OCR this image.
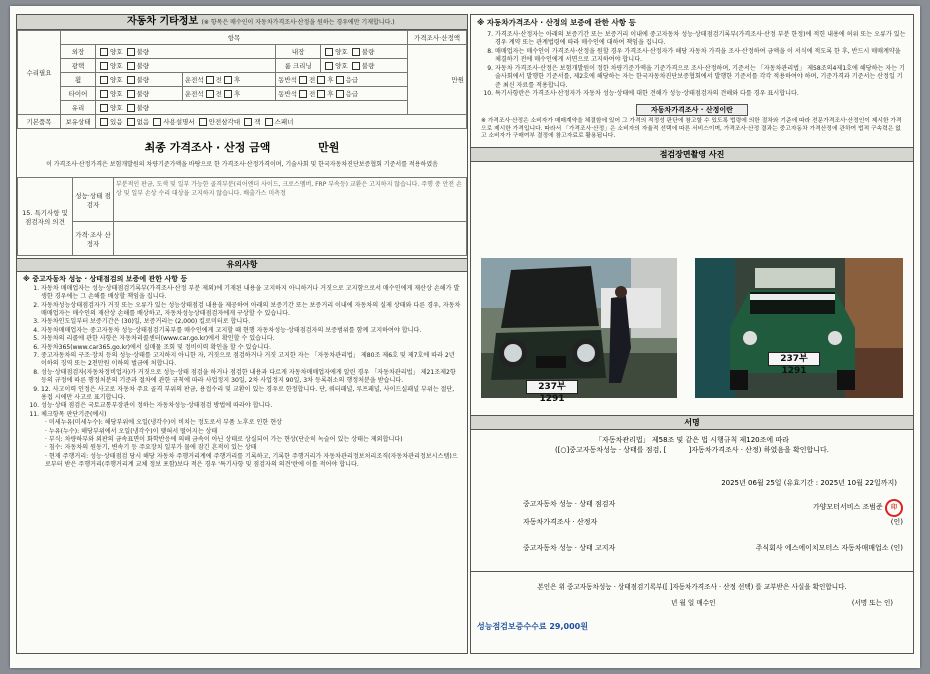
자동차 기타정보 (※ 항목은 매수인이 자동차가격조사·산정을 원하는 경우에만 기재합니다.)
수리필요	항목					가격조사·산정액
	외장	양호 불량		내장	양호 불량	만원
	광택	양호 불량		룸 크리닝	양호 불량	
	휠	양호 불량	운전석 전 후	동반석 전 후 응급		
	타이어	양호 불량	운전석 전 후	동반석 전 후 응급		
	유리	양호 불량				
기본품목	보유상태	있음 없음 사용설명서 안전삼각대 잭 스패너				
최종 가격조사 · 산정 금액	만원
이 가격조사·산정가격은 보험개발원의 차량기준가액을 바탕으로 한 가격조사·산정가격이며, 기술사회 및 한국자동차진단보증협회 기준서를 적용하였음
15. 특기사항 및 점검자의 의견	성능·상태 점검자	부분적인 판금, 도색 및 일부 가능한 골격부분(리어엔더 사이드, 크로스멤버, FRP 부속등) 교환은 고지하지 않습니다. 주행 중 안전 손상 및 일부 손상 수리 대상을 고지하지 않습니다. 배출가스 미측정
	가격·조사 산정자	
유의사항
※ 중고자동차 성능 · 상태점검의 보증에 관한 사항 등
1. 자동차 매매업자는 성능·상태점검기록부(가격조사·산정 부분 제외)에 기재된 내용을 고지하지 아니하거나 거짓으로 고지함으로서 매수인에게 재산상 손해가 발생한 경우에는 그 손해를 배상할 책임을 집니다.
2. 자동차성능상태점검자가 거짓 또는 오류가 있는 성능상태점검 내용을 제공하여 아래의 보증기간 또는 보증거리 이내에 자동차의 실제 상태와 다른 경우, 자동차매매업자는 매수인의 재산상 손해를 배상하고, 자동차성능상태점검자에게 구상할 수 있습니다.
3. 자동차인도일부터 보증기간은 (30)일, 보증거리는 (2,000) 킬로미터로 합니다.
4. 자동차매매업자는 중고자동차 성능·상태점검기록부를 매수인에게 고지할 때 현행 자동차성능·상태점검자의 보증범위를 함께 고지하여야 합니다.
5. 자동차의 리콜에 관한 사항은 자동차리콜센터(www.car.go.kr)에서 확인할 수 있습니다.
6. 자동차365(www.car365.go.kr)에서 실매물 조회 및 정비이력 확인을 할 수 있습니다.
7. 중고자동차의 구조·장치 등의 성능·상태를 고지하지 아니한 자, 거짓으로 점검하거나 거짓 고지한 자는 「자동차관리법」 제80조 제6호 및 제7호에 따라 2년 이하의 징역 또는 2천만원 이하의 벌금에 처합니다.
8. 성능·상태점검자(자동차정비업자)가 거짓으로 성능·상태 점검을 하거나 점검한 내용과 다르게 자동차매매업자에게 알린 경우 「자동차관리법」 제21조제2항 등의 규정에 따른 행정처분의 기준과 절차에 관한 규칙에 따라 사업정지 30일, 2차 사업정지 90일, 3차 등록취소의 행정처분을 받습니다.
9. 12. 사고이력 인정은 사고로 자동차 주요 골격 부위의 판금, 용접수리 및 교환이 있는 경우로 한정합니다. 단, 쿼터패널, 루프패널, 사이드실패널 부위는 절단, 용접 시에만 사고로 표기합니다.
10. 성능·상태 점검은 국토교통부장관이 정하는 자동차성능·상태점검 방법에 따라야 합니다.
11. 체크항목 판단기준(예시)
· 미세누유(미세누수): 해당부위에 오일(냉각수)이 비치는 정도로서 부품 노후로 인한 현상
· 누유(누수): 해당부위에서 오일(냉각수)이 맺혀서 떨어지는 상태
· 부식: 차량하부와 외판의 금속표면이 화학반응에 의해 금속이 아닌 상태로 상실되어 가는 현상(단순히 녹슬어 있는 상태는 제외합니다)
· 침수: 자동차의 원동기, 변속기 등 주요장치 일부가 물에 잠긴 흔적이 있는 상태
· 현재 주행거리: 성능·상태점검 당시 해당 자동차 주행거리계에 주행거리를 기록하고, 기록한 주행거리가 자동차관리정보처리조직(자동차관리정보시스템)으로부터 받은 주행거리(주행거리계 교체 정보 포함)보다 적은 경우 '특기사항 및 점검자의 의견'란에 이를 적어야 합니다.
※ 자동차가격조사 · 산정의 보증에 관한 사항 등
7. 가격조사·산정자는 아래의 보증기간 또는 보증거리 이내에 중고자동차 성능·상태점검기록부(가격조사·산정 부분 한정)에 적힌 내용에 허위 또는 오류가 있는 경우 계약 또는 관계법령에 따라 매수인에 대하여 책임을 집니다.
8. 매매업자는 매수인이 가격조사·산정을 원할 경우 가격조사·산정자가 해당 자동차 가격을 조사·산정하여 금액을 이 서식에 적도록 한 후, 반드시 매매계약을 체결하기 전에 매수인에게 서면으로 고지하여야 합니다.
9. 자동차 가격조사·산정은 보험개발원이 정한 차량기준가액을 기준가격으로 조사·산정하며, 기준서는 「자동차관리법」 제58조의4제1호에 해당하는 자는 기술사회에서 발행한 기준서를, 제2호에 해당하는 자는 한국자동차진단보증협회에서 발행한 기준서를 각각 적용하여야 하며, 기준가격과 기준서는 산정일 기준 최신 자료를 적용합니다.
10. 특기사항란은 가격조사·산정자가 자동차 성능·상태에 대한 견해가 성능·상태점검자의 견해와 다를 경우 표시합니다.
자동차가격조사 · 산정이란
※ 가격조사·산정은 소비자가 매매계약을 체결함에 있어 그 가격의 적정성 판단에 참고할 수 있도록 법령에 의한 절차와 기준에 따라 전문가격조사·산정인이 제시한 가격으로 제시한 가격입니다. 따라서 「가격조사·산정」은 소비자의 자율적 선택에 따른 서비스이며, 가격조사·산정 결과는 중고자동차 가격산정에 관하여 법적 구속력은 없고 소비자가 구매여부 결정에 참고자료로 활용됩니다.
점검장면촬영 사진
237부 1291
237부 1291
서명
「자동차관리법」 제58조 및 같은 법 시행규칙 제120조에 따라
([○]중고자동차성능 · 상태를 점검, [	]자동차가격조사 · 산정) 하였음을 확인합니다.
2025년 06월 25일 (유효기간 : 2025년 10월 22일까지)
중고자동차 성능 · 상태 점검자	가양모터서비스 조범준 印
자동차가격조사 · 산정자	(인)
중고자동차 성능 · 상태 고지자	주식회사 에스에이치모터스 자동차매매업소 (인)
본인은 위 중고자동차성능 · 상태점검기록부([ ]자동차가격조사 · 산정 선택) 를 교부받은 사실을 확인합니다.
년 월 일 매수인	(서명 또는 인)
성능점검보증수수료 29,000원
